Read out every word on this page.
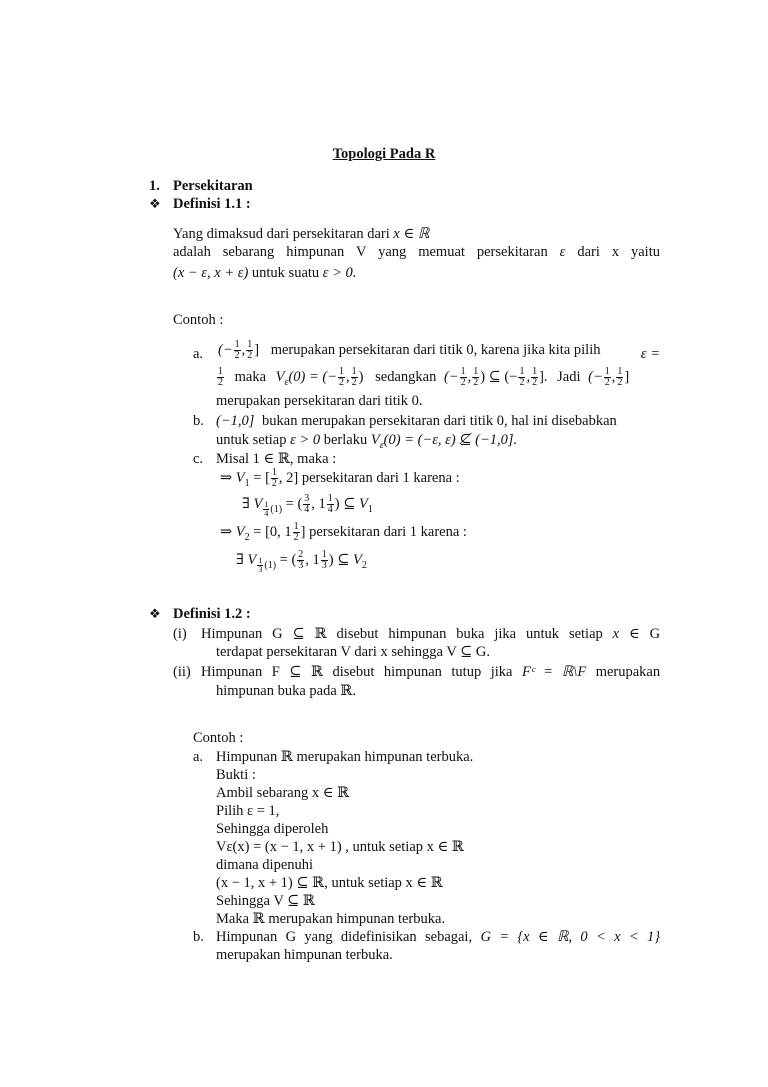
Topologi Pada R
1. Persekitaran
❖ Definisi 1.1 :
Yang dimaksud dari persekitaran dari x ∈ ℝ
adalah sebarang himpunan V yang memuat persekitaran ε dari x yaitu
(x − ε, x + ε) untuk suatu ε > 0.
Contoh :
a. (− $\frac{1}{2}$ , $\frac{1}{2}$ ] merupakan persekitaran dari titik 0, karena jika kita pilih	ε =
$\frac{1}{2}$ maka $V_\varepsilon(0)$ = (− $\frac{1}{2}$ , $\frac{1}{2}$ ) sedangkan (− $\frac{1}{2}$ , $\frac{1}{2}$ ) ⊆ (− $\frac{1}{2}$ , $\frac{1}{2}$ ]. Jadi (− $\frac{1}{2}$ , $\frac{1}{2}$ ]
merupakan persekitaran dari titik 0.
b. (−1,0] bukan merupakan persekitaran dari titik 0, hal ini disebabkan
untuk setiap ε > 0 berlaku $V_\varepsilon(0) = (-\varepsilon$, ε) ⊈ (−1,0].
c. Misal 1 ∈ ℝ, maka :
⇒ $V_1$ = [ $\frac{1}{2}$ , 2] persekitaran dari 1 karena :
∃ V $_{\frac{1}{4} (1)}$ = ( $\frac{3}{4}$ , $1 \frac{1}{4}$ ) ⊆ $V_1$
⇒ $V_2 = [0$, $1 \frac{1}{2}$ ] persekitaran dari 1 karena :
∃ V $_{\frac{1}{3} (1)}$ = ( $\frac{2}{3}$ , $1 \frac{1}{3}$ ) ⊆ $V_2$
❖ Definisi 1.2 :
(i) Himpunan G ⊆ ℝ disebut himpunan buka jika untuk setiap x ∈ G
terdapat persekitaran V dari x sehingga V ⊆ G.
(ii) Himpunan F ⊆ ℝ disebut himpunan tutup jika Fᶜ = ℝ\F merupakan
himpunan buka pada ℝ.
Contoh :
a. Himpunan ℝ merupakan himpunan terbuka.
Bukti :
Ambil sebarang x ∈ ℝ
Pilih ε = 1,
Sehingga diperoleh
Vε(x) = (x − 1, x + 1) , untuk setiap x ∈ ℝ
dimana dipenuhi
(x − 1, x + 1) ⊆ ℝ, untuk setiap x ∈ ℝ
Sehingga V ⊆ ℝ
Maka ℝ merupakan himpunan terbuka.
b. Himpunan G yang didefinisikan sebagai, G = {x ∈ ℝ, 0 < x < 1}
merupakan himpunan terbuka.
